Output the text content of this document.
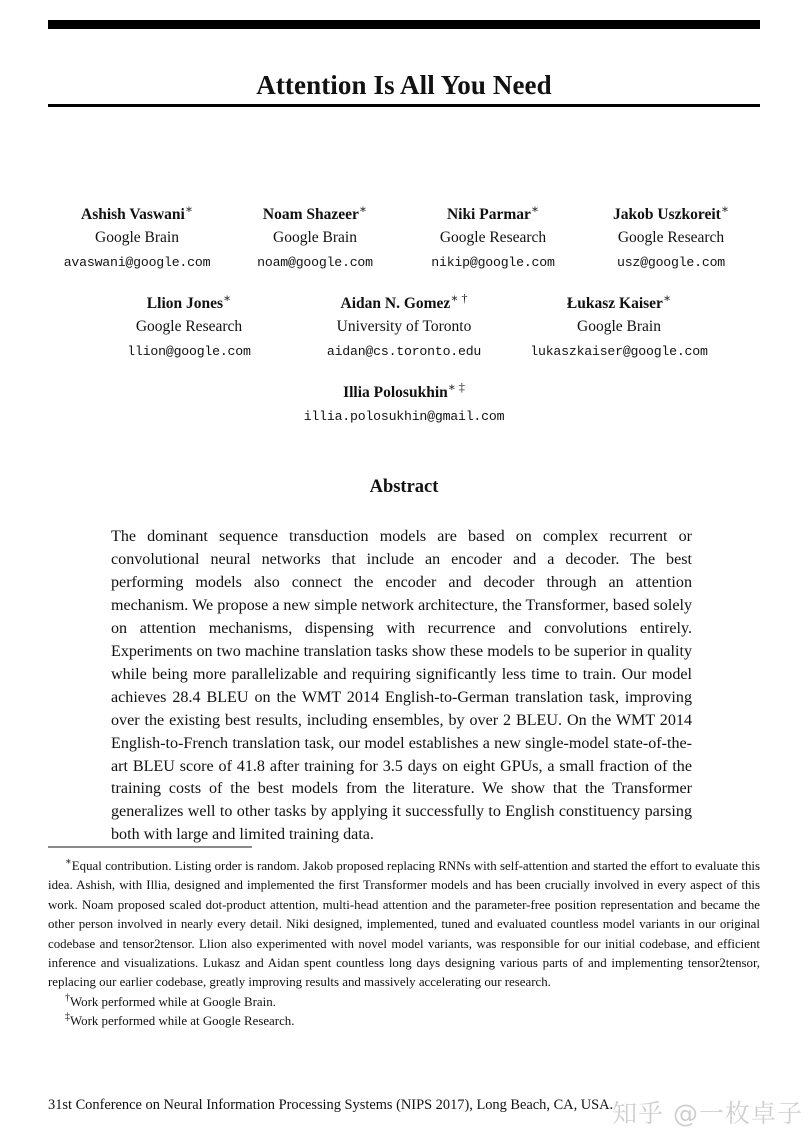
Attention Is All You Need
Ashish Vaswani∗
Google Brain
avaswani@google.com
Noam Shazeer∗
Google Brain
noam@google.com
Niki Parmar∗
Google Research
nikip@google.com
Jakob Uszkoreit∗
Google Research
usz@google.com
Llion Jones∗
Google Research
llion@google.com
Aidan N. Gomez∗ †
University of Toronto
aidan@cs.toronto.edu
Łukasz Kaiser∗
Google Brain
lukaszkaiser@google.com
Illia Polosukhin∗ ‡
illia.polosukhin@gmail.com
Abstract
The dominant sequence transduction models are based on complex recurrent or convolutional neural networks that include an encoder and a decoder. The best performing models also connect the encoder and decoder through an attention mechanism. We propose a new simple network architecture, the Transformer, based solely on attention mechanisms, dispensing with recurrence and convolutions entirely. Experiments on two machine translation tasks show these models to be superior in quality while being more parallelizable and requiring significantly less time to train. Our model achieves 28.4 BLEU on the WMT 2014 English-to-German translation task, improving over the existing best results, including ensembles, by over 2 BLEU. On the WMT 2014 English-to-French translation task, our model establishes a new single-model state-of-the-art BLEU score of 41.8 after training for 3.5 days on eight GPUs, a small fraction of the training costs of the best models from the literature. We show that the Transformer generalizes well to other tasks by applying it successfully to English constituency parsing both with large and limited training data.
∗Equal contribution. Listing order is random. Jakob proposed replacing RNNs with self-attention and started the effort to evaluate this idea. Ashish, with Illia, designed and implemented the first Transformer models and has been crucially involved in every aspect of this work. Noam proposed scaled dot-product attention, multi-head attention and the parameter-free position representation and became the other person involved in nearly every detail. Niki designed, implemented, tuned and evaluated countless model variants in our original codebase and tensor2tensor. Llion also experimented with novel model variants, was responsible for our initial codebase, and efficient inference and visualizations. Lukasz and Aidan spent countless long days designing various parts of and implementing tensor2tensor, replacing our earlier codebase, greatly improving results and massively accelerating our research.
†Work performed while at Google Brain.
‡Work performed while at Google Research.
31st Conference on Neural Information Processing Systems (NIPS 2017), Long Beach, CA, USA.
知乎 @一枚卓子
